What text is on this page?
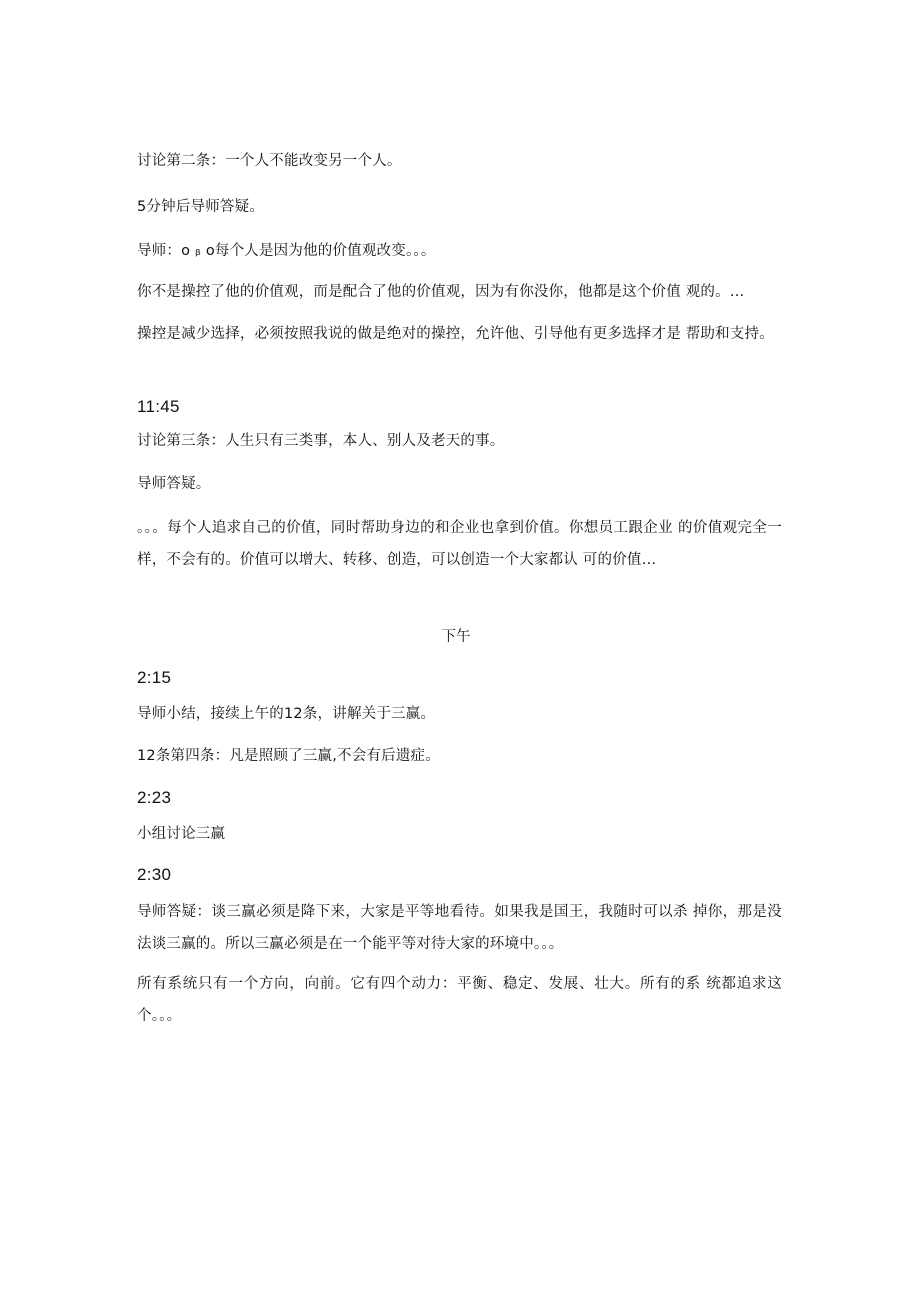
讨论第二条：一个人不能改变另一个人。
5分钟后导师答疑。
导师：o ᵦ o每个人是因为他的价值观改变。。。
你不是操控了他的价值观，而是配合了他的价值观，因为有你没你，他都是这个价值 观的。…
操控是减少选择，必须按照我说的做是绝对的操控，允许他、引导他有更多选择才是 帮助和支持。
11:45
讨论第三条：人生只有三类事，本人、别人及老天的事。
导师答疑。
。。。每个人追求自己的价值，同时帮助身边的和企业也拿到价值。你想员工跟企业 的价值观完全一样，不会有的。价值可以增大、转移、创造，可以创造一个大家都认 可的价值…
下午
2:15
导师小结，接续上午的12条，讲解关于三赢。
12条第四条：凡是照顾了三赢,不会有后遗症。
2:23
小组讨论三赢
2:30
导师答疑：谈三赢必须是降下来，大家是平等地看待。如果我是国王，我随时可以杀 掉你，那是没法谈三赢的。所以三赢必须是在一个能平等对待大家的环境中。。。
所有系统只有一个方向，向前。它有四个动力：平衡、稳定、发展、壮大。所有的系 统都追求这个。。。
